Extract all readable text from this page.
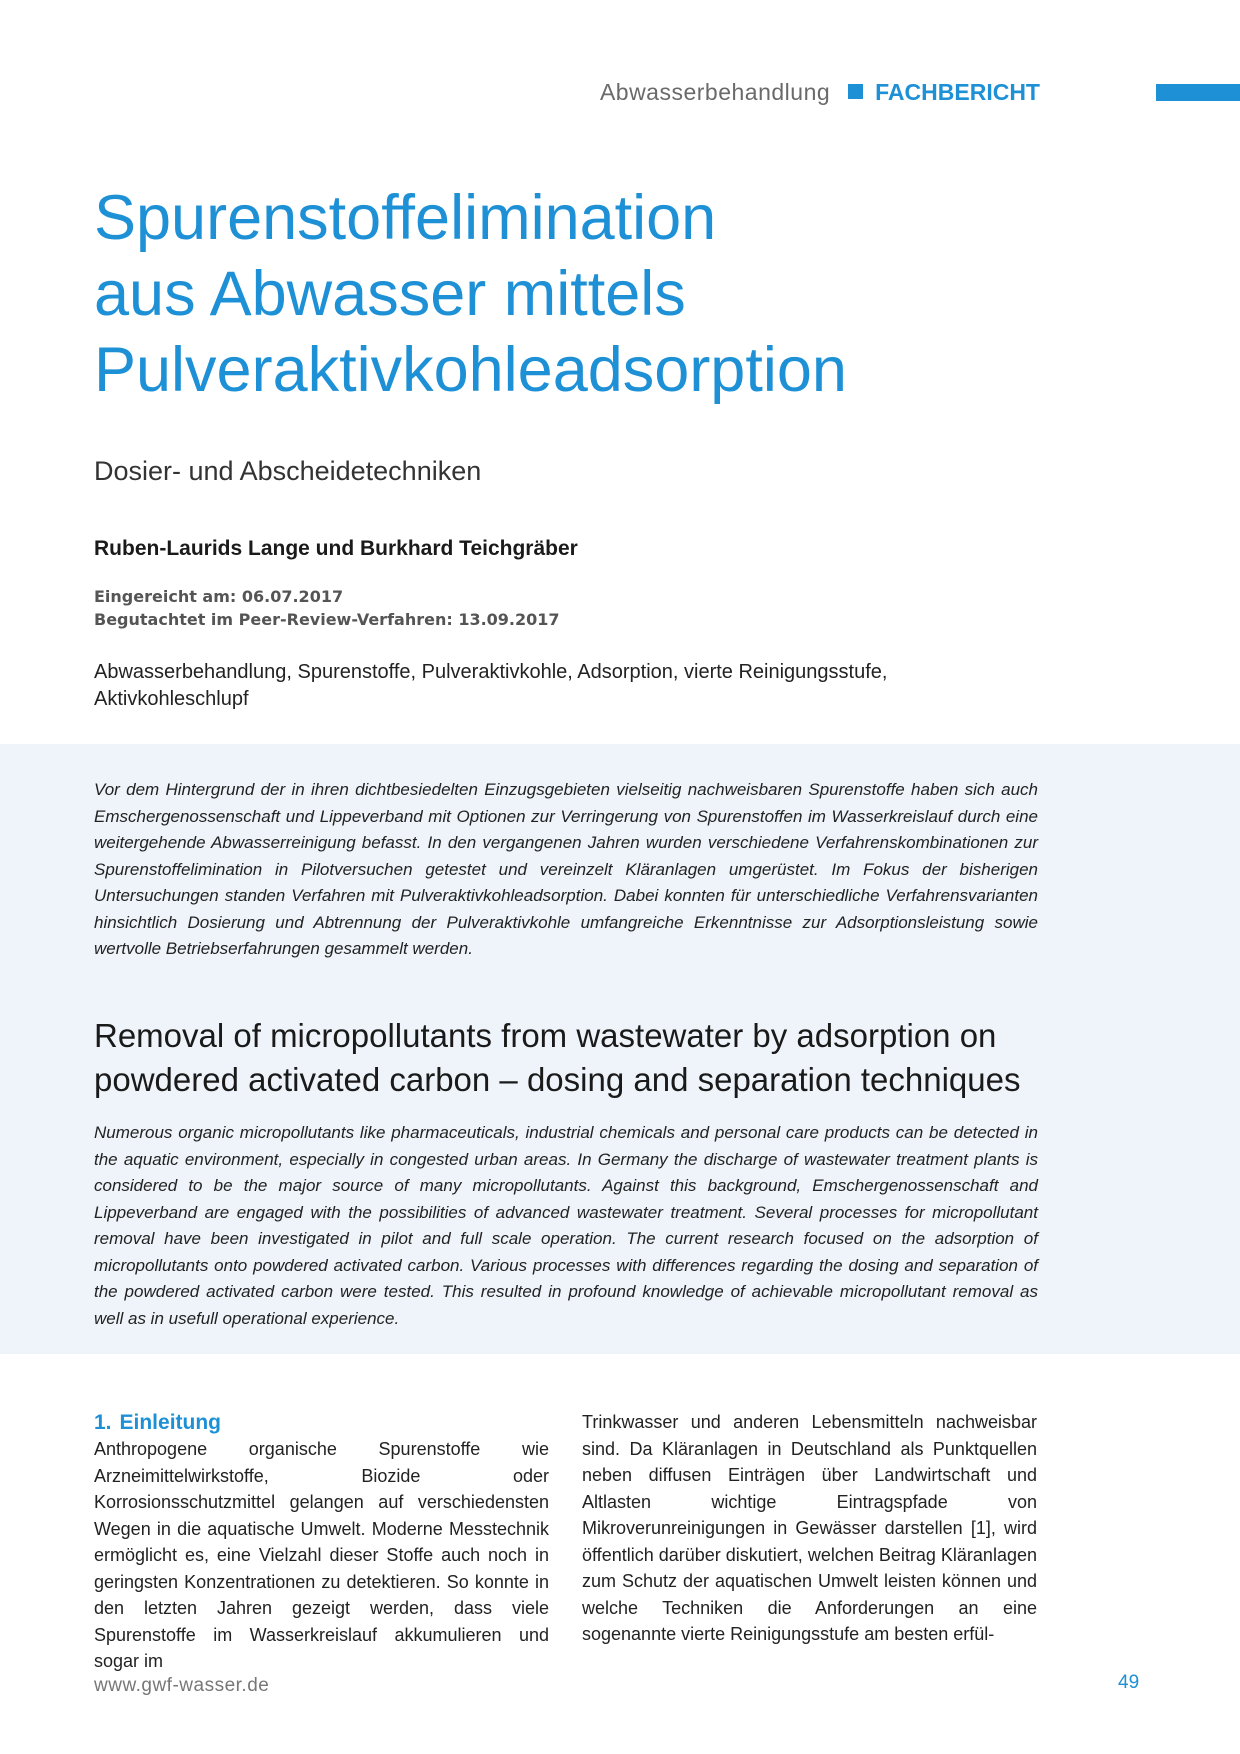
Abwasserbehandlung FACHBERICHT
Spurenstoffelimination
aus Abwasser mittels
Pulveraktivkohleadsorption
Dosier- und Abscheidetechniken
Ruben-Laurids Lange und Burkhard Teichgräber
Eingereicht am: 06.07.2017
Begutachtet im Peer-Review-Verfahren: 13.09.2017
Abwasserbehandlung, Spurenstoffe, Pulveraktivkohle, Adsorption, vierte Reinigungsstufe, Aktivkohleschlupf

Vor dem Hintergrund der in ihren dichtbesiedelten Einzugsgebieten vielseitig nachweisbaren Spurenstoffe haben sich auch Emschergenossenschaft und Lippeverband mit Optionen zur Verringerung von Spurenstoffen im Wasserkreislauf durch eine weitergehende Abwasserreinigung befasst. In den vergangenen Jahren wurden verschiedene Verfahrenskombinationen zur Spurenstoffelimination in Pilotversuchen getestet und vereinzelt Kläranlagen umgerüstet. Im Fokus der bisherigen Untersuchungen standen Verfahren mit Pulveraktivkohleadsorption. Dabei konnten für unterschiedliche Verfahrensvarianten hinsichtlich Dosierung und Abtrennung der Pulveraktivkohle umfangreiche Erkenntnisse zur Adsorptionsleistung sowie wertvolle Betriebserfahrungen gesammelt werden.

Removal of micropollutants from wastewater by adsorption on
powdered activated carbon – dosing and separation techniques

Numerous organic micropollutants like pharmaceuticals, industrial chemicals and personal care products can be detected in the aquatic environment, especially in congested urban areas. In Germany the discharge of wastewater treatment plants is considered to be the major source of many micropollutants. Against this background, Emschergenossenschaft and Lippeverband are engaged with the possibilities of advanced wastewater treatment. Several processes for micropollutant removal have been investigated in pilot and full scale operation. The current research focused on the adsorption of micropollutants onto powdered activated carbon. Various processes with differences regarding the dosing and separation of the powdered activated carbon were tested. This resulted in profound knowledge of achievable micropollutant removal as well as in usefull operational experience.

1. Einleitung

Anthropogene organische Spurenstoffe wie Arzneimittelwirkstoffe, Biozide oder Korrosionsschutzmittel gelangen auf verschiedensten Wegen in die aquatische Umwelt. Moderne Messtechnik ermöglicht es, eine Vielzahl dieser Stoffe auch noch in geringsten Konzentrationen zu detektieren. So konnte in den letzten Jahren gezeigt werden, dass viele Spurenstoffe im Wasserkreislauf akkumulieren und sogar im

Trinkwasser und anderen Lebensmitteln nachweisbar sind. Da Kläranlagen in Deutschland als Punktquellen neben diffusen Einträgen über Landwirtschaft und Altlasten wichtige Eintragspfade von Mikroverunreinigungen in Gewässer darstellen [1], wird öffentlich darüber diskutiert, welchen Beitrag Kläranlagen zum Schutz der aquatischen Umwelt leisten können und welche Techniken die Anforderungen an eine sogenannte vierte Reinigungsstufe am besten erfül-

www.gwf-wasser.de	49
